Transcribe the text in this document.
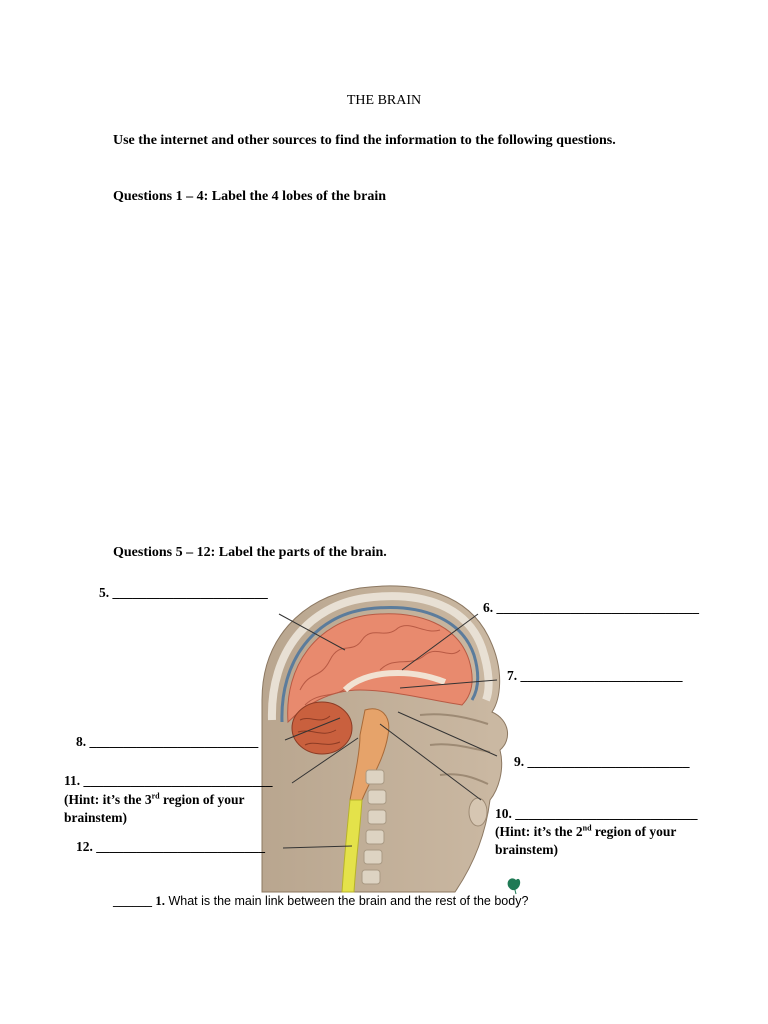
THE BRAIN
Use the internet and other sources to find the information to the following questions.
Questions 1 – 4: Label the 4 lobes of the brain
Questions 5 – 12: Label the parts of the brain.
5. _______________________
6. ______________________________
7. ________________________
8. _________________________
9. ________________________
11. ____________________________
(Hint: it’s the 3rd region of your brainstem)	10. ___________________________
(Hint: it’s the 2nd region of your brainstem)
12. _________________________
______ 1. What is the main link between the brain and the rest of the body?
